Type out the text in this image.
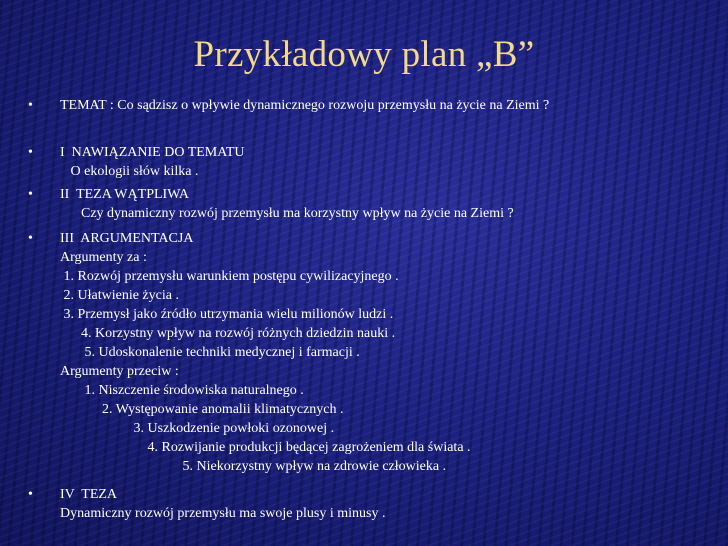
Przykładowy plan „B”
• TEMAT : Co sądzisz o wpływie dynamicznego rozwoju przemysłu na życie na Ziemi ?
• I  NAWIĄZANIE DO TEMATU
O ekologii słów kilka .
• II  TEZA WĄTPLIWA
Czy dynamiczny rozwój przemysłu ma korzystny wpływ na życie na Ziemi ?
• III  ARGUMENTACJA
Argumenty za :
1. Rozwój przemysłu warunkiem postępu cywilizacyjnego .
2. Ułatwienie życia .
3. Przemysł jako źródło utrzymania wielu milionów ludzi .
4. Korzystny wpływ na rozwój różnych dziedzin nauki .
5. Udoskonalenie techniki medycznej i farmacji .
Argumenty przeciw :
1. Niszczenie środowiska naturalnego .
2. Występowanie anomalii klimatycznych .
3. Uszkodzenie powłoki ozonowej .
4. Rozwijanie produkcji będącej zagrożeniem dla świata .
5. Niekorzystny wpływ na zdrowie człowieka .
• IV  TEZA
Dynamiczny rozwój przemysłu ma swoje plusy i minusy .
